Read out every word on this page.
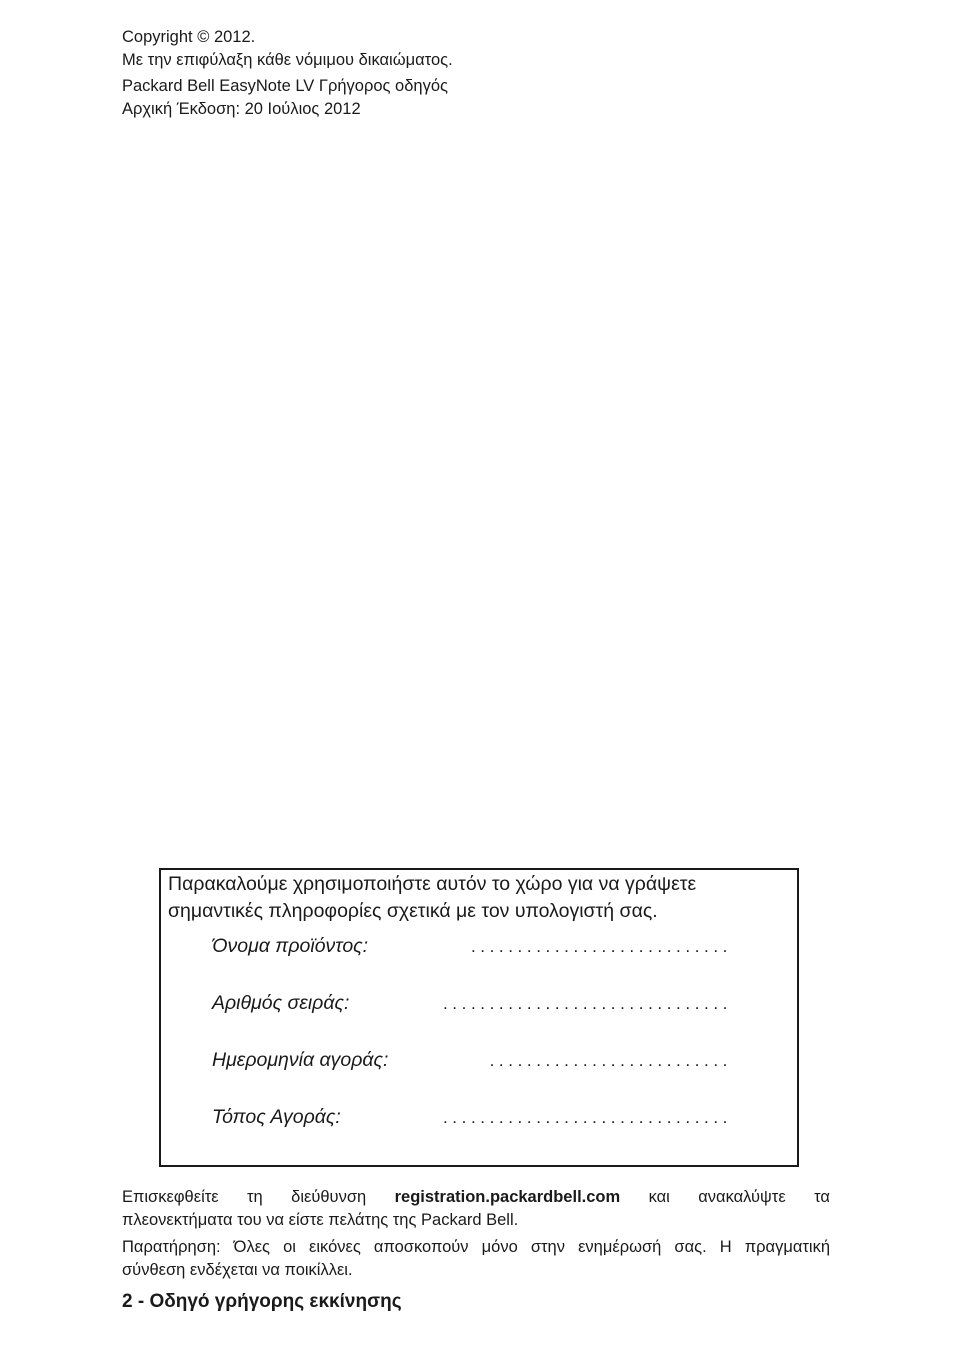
Copyright © 2012.
Με την επιφύλαξη κάθε νόμιμου δικαιώματος.
Packard Bell EasyNote LV Γρήγορος οδηγός
Αρχική Έκδοση: 20 Ιούλιος 2012
Παρακαλούμε χρησιμοποιήστε αυτόν το χώρο για να γράψετε
σημαντικές πληροφορίες σχετικά με τον υπολογιστή σας.
Όνομα προϊόντος:	............................
Αριθμός σειράς:	...............................
Ημερομηνία αγοράς:	..........................
Τόπος Αγοράς:	...............................
Επισκεφθείτε τη διεύθυνση registration.packardbell.com και ανακαλύψτε τα
πλεονεκτήματα του να είστε πελάτης της Packard Bell.
Παρατήρηση: Όλες οι εικόνες αποσκοπούν μόνο στην ενημέρωσή σας. Η πραγματική
σύνθεση ενδέχεται να ποικίλλει.
2 - Οδηγό γρήγορης εκκίνησης
